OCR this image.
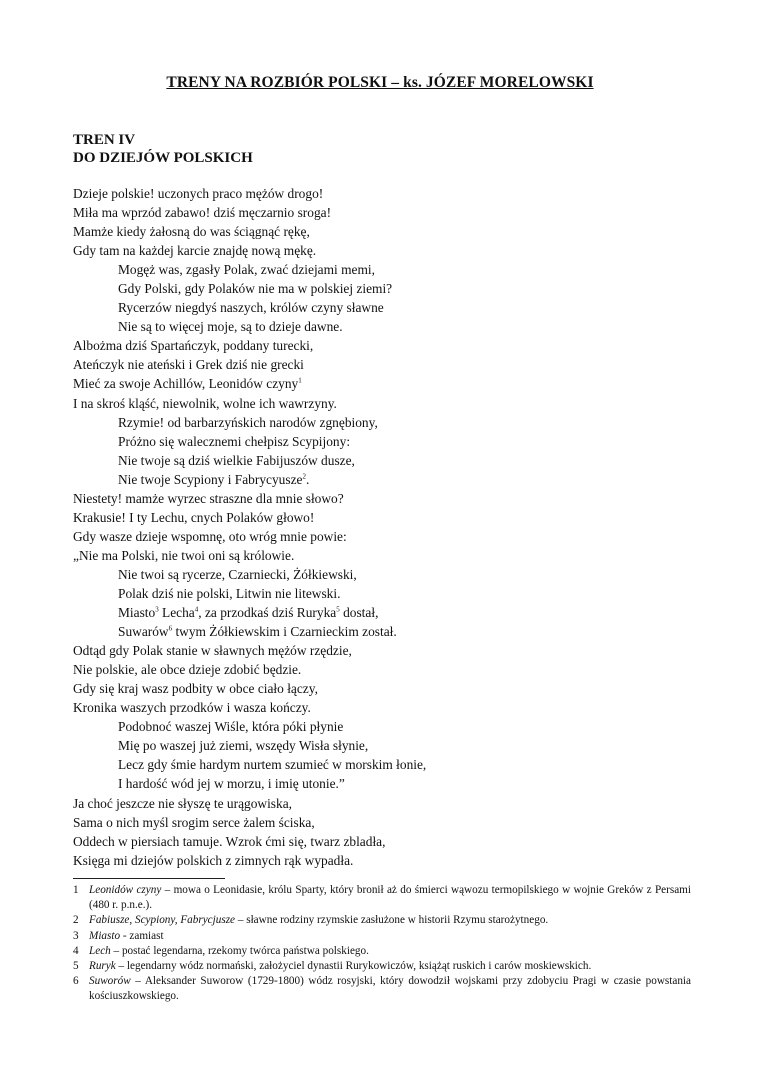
TRENY NA ROZBIÓR POLSKI – ks. JÓZEF MORELOWSKI
TREN IV
DO DZIEJÓW POLSKICH
Dzieje polskie! uczonych praco mężów drogo!
Miła ma wprzód zabawo! dziś męczarnio sroga!
Mamże kiedy żałosną do was ściągnąć rękę,
Gdy tam na każdej karcie znajdę nową mękę.
Mogęż was, zgasły Polak, zwać dziejami memi,
Gdy Polski, gdy Polaków nie ma w polskiej ziemi?
Rycerzów niegdyś naszych, królów czyny sławne
Nie są to więcej moje, są to dzieje dawne.
Albożma dziś Spartańczyk, poddany turecki,
Ateńczyk nie ateński i Grek dziś nie grecki
Mieć za swoje Achillów, Leonidów czyny$^1$
I na skroś kląść, niewolnik, wolne ich wawrzyny.
Rzymie! od barbarzyńskich narodów zgnębiony,
Próżno się walecznemi chełpisz Scypijony:
Nie twoje są dziś wielkie Fabijuszów dusze,
Nie twoje Scypiony i Fabrycyusze$^2$.
Niestety! mamże wyrzec straszne dla mnie słowo?
Krakusie! I ty Lechu, cnych Polaków głowo!
Gdy wasze dzieje wspomnę, oto wróg mnie powie:
„Nie ma Polski, nie twoi oni są królowie.
Nie twoi są rycerze, Czarniecki, Żółkiewski,
Polak dziś nie polski, Litwin nie litewski.
Miasto$^3$ Lecha$^4$, za przodkaś dziś Ruryka$^5$ dostał,
Suwarów$^6$ twym Żółkiewskim i Czarnieckim został.
Odtąd gdy Polak stanie w sławnych mężów rzędzie,
Nie polskie, ale obce dzieje zdobić będzie.
Gdy się kraj wasz podbity w obce ciało łączy,
Kronika waszych przodków i wasza kończy.
Podobnoć waszej Wiśle, która póki płynie
Mię po waszej już ziemi, wszędy Wisła słynie,
Lecz gdy śmie hardym nurtem szumieć w morskim łonie,
I hardość wód jej w morzu, i imię utonie.”
Ja choć jeszcze nie słyszę te urągowiska,
Sama o nich myśl srogim serce żalem ściska,
Oddech w piersiach tamuje. Wzrok ćmi się, twarz zbladła,
Księga mi dziejów polskich z zimnych rąk wypadła.
1 Leonidów czyny – mowa o Leonidasie, królu Sparty, który bronił aż do śmierci wąwozu termopilskiego w wojnie Greków z Persami (480 r. p.n.e.).
2 Fabiusze, Scypiony, Fabrycjusze – sławne rodziny rzymskie zasłużone w historii Rzymu starożytnego.
3 Miasto - zamiast
4 Lech – postać legendarna, rzekomy twórca państwa polskiego.
5 Ruryk – legendarny wódz normański, założyciel dynastii Rurykowiczów, książąt ruskich i carów moskiewskich.
6 Suworów – Aleksander Suworow (1729-1800) wódz rosyjski, który dowodził wojskami przy zdobyciu Pragi w czasie powstania kościuszkowskiego.
